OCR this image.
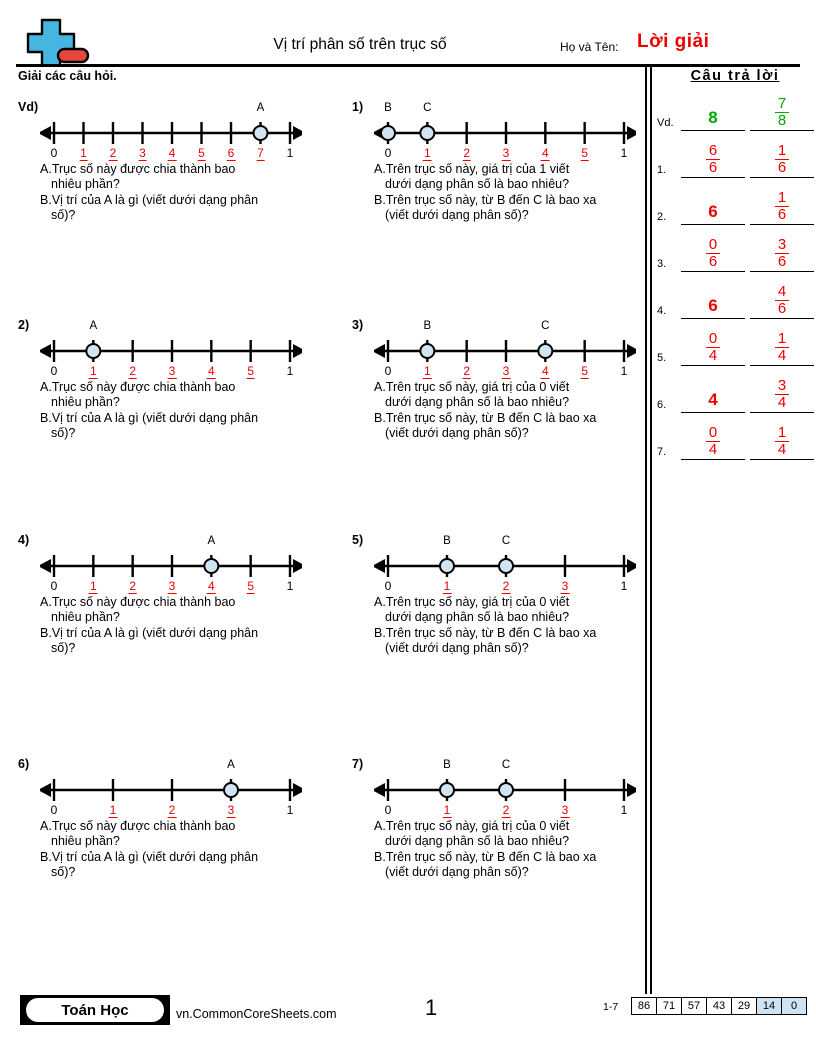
Vị trí phân số trên trục số	Họ và Tên: Lời giải
Giải các câu hỏi.	Câu trả lời
Vd.	8	$\frac{7}{8}$
1.	$\frac{6}{6}$	$\frac{1}{6}$
2.	6	$\frac{1}{6}$
3.	$\frac{0}{6}$	$\frac{3}{6}$
4.	6	$\frac{4}{6}$
5.	$\frac{0}{4}$	$\frac{1}{4}$
6.	4	$\frac{3}{4}$
7.	$\frac{0}{4}$	$\frac{1}{4}$
Vd)	A
0 1 2 3 4 5 6 7 1
A. Trục số này được chia thành bao
nhiêu phần?
B. Vị trí của A là gì (viết dưới dạng phân
số)?
1) B	C
0	1	2	3	4	5	1
A. Trên trục số này, giá trị của 1 viết
dưới dạng phân số là bao nhiêu?
B. Trên trục số này, từ B đến C là bao xa
(viết dưới dạng phân số)?
2)	A
0	1	2	3	4	5	1
A. Trục số này được chia thành bao
nhiêu phần?
B. Vị trí của A là gì (viết dưới dạng phân
số)?
3)	B	C
0	1	2	3	4	5	1
A. Trên trục số này, giá trị của 0 viết
dưới dạng phân số là bao nhiêu?
B. Trên trục số này, từ B đến C là bao xa
(viết dưới dạng phân số)?
4)	A
0	1	2	3	4	5	1
A. Trục số này được chia thành bao
nhiêu phần?
B. Vị trí của A là gì (viết dưới dạng phân
số)?
5)	B	C
0	1	2	3	1
A. Trên trục số này, giá trị của 0 viết
dưới dạng phân số là bao nhiêu?
B. Trên trục số này, từ B đến C là bao xa
(viết dưới dạng phân số)?
6)	A
0	1	2	3	1
A. Trục số này được chia thành bao
nhiêu phần?
B. Vị trí của A là gì (viết dưới dạng phân
số)?
7)	B	C
0	1	2	3	1
A. Trên trục số này, giá trị của 0 viết
dưới dạng phân số là bao nhiêu?
B. Trên trục số này, từ B đến C là bao xa
(viết dưới dạng phân số)?
Toán Học	vn.CommonCoreSheets.com	1	1-7	86	71	57	43	29	14	0
